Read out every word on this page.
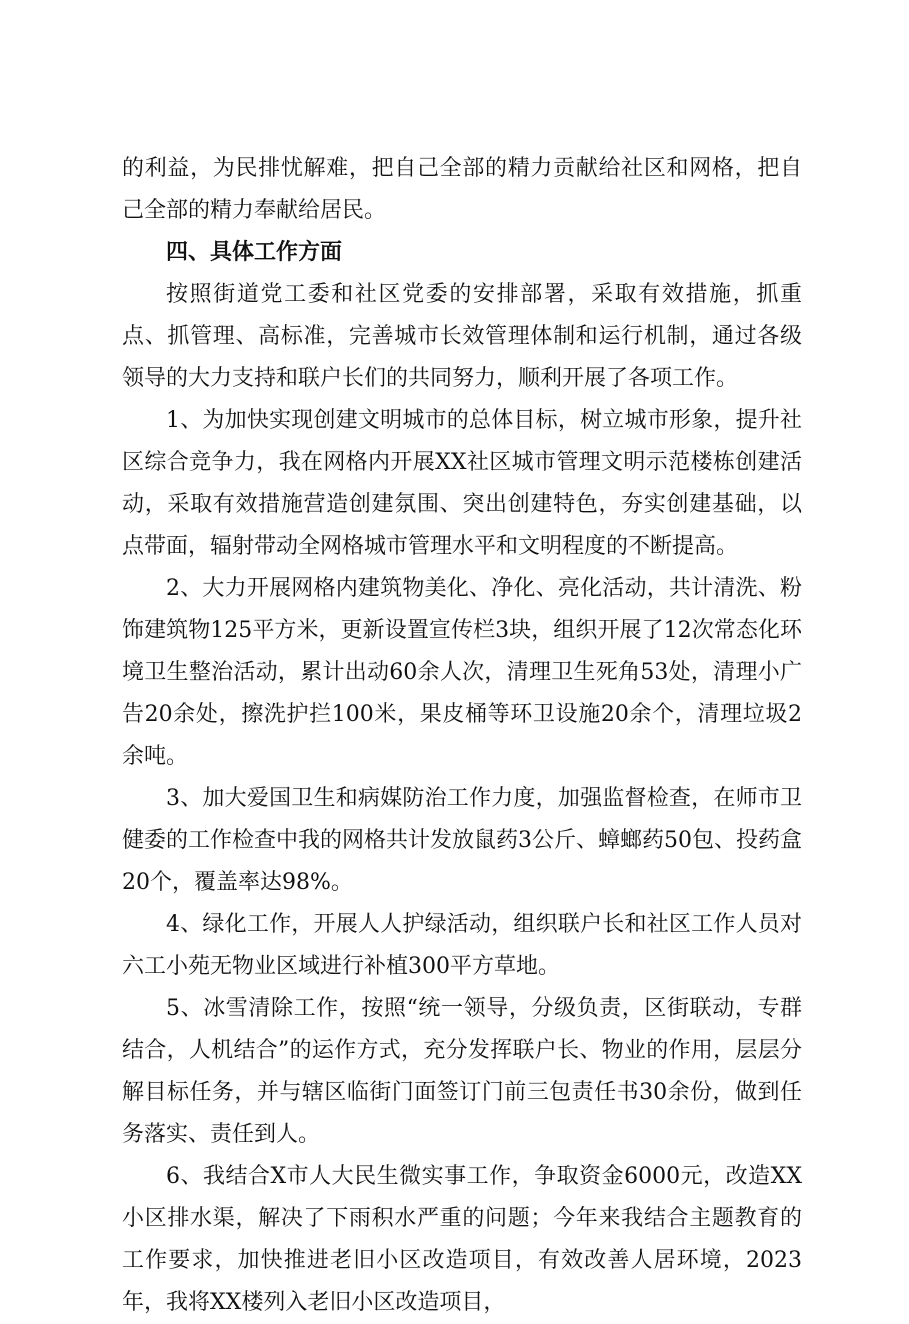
的利益，为民排忧解难，把自己全部的精力贡献给社区和网格，把自己全部的精力奉献给居民。

四、具体工作方面

按照街道党工委和社区党委的安排部署，采取有效措施，抓重点、抓管理、高标准，完善城市长效管理体制和运行机制，通过各级领导的大力支持和联户长们的共同努力，顺利开展了各项工作。

1、为加快实现创建文明城市的总体目标，树立城市形象，提升社区综合竞争力，我在网格内开展XX社区城市管理文明示范楼栋创建活动，采取有效措施营造创建氛围、突出创建特色，夯实创建基础，以点带面，辐射带动全网格城市管理水平和文明程度的不断提高。

2、大力开展网格内建筑物美化、净化、亮化活动，共计清洗、粉饰建筑物125平方米，更新设置宣传栏3块，组织开展了12次常态化环境卫生整治活动，累计出动60余人次，清理卫生死角53处，清理小广告20余处，擦洗护拦100米，果皮桶等环卫设施20余个，清理垃圾2余吨。

3、加大爱国卫生和病媒防治工作力度，加强监督检查，在师市卫健委的工作检查中我的网格共计发放鼠药3公斤、蟑螂药50包、投药盒20个，覆盖率达98%。

4、绿化工作，开展人人护绿活动，组织联户长和社区工作人员对六工小苑无物业区域进行补植300平方草地。

5、冰雪清除工作，按照“统一领导，分级负责，区街联动，专群结合，人机结合”的运作方式，充分发挥联户长、物业的作用，层层分解目标任务，并与辖区临街门面签订门前三包责任书30余份，做到任务落实、责任到人。

6、我结合X市人大民生微实事工作，争取资金6000元，改造XX小区排水渠，解决了下雨积水严重的问题；今年来我结合主题教育的工作要求，加快推进老旧小区改造项目，有效改善人居环境，2023年，我将XX楼列入老旧小区改造项目，
